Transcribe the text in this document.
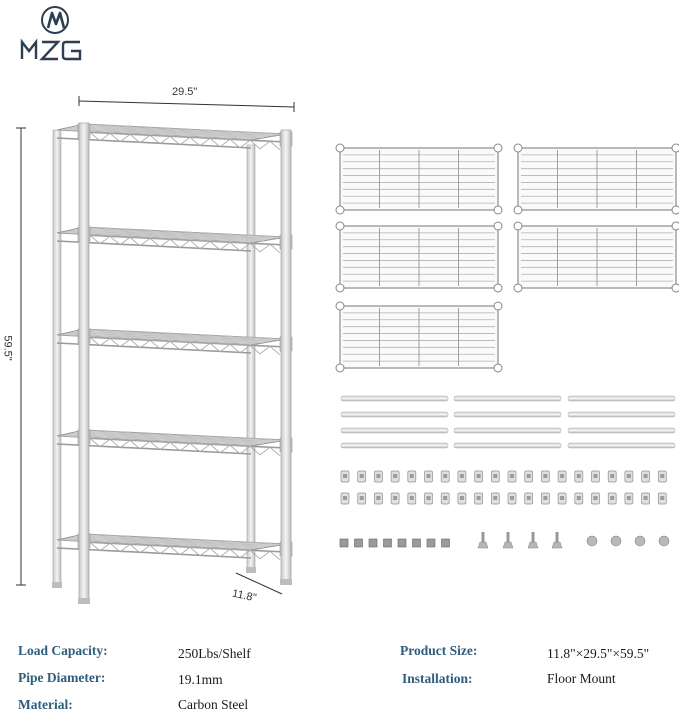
29.5"
59.5"
11.8"
Load Capacity:	250Lbs/Shelf
Pipe Diameter:	19.1mm
Material:	Carbon Steel
Product Size:	11.8"×29.5"×59.5"
Installation:	Floor Mount
